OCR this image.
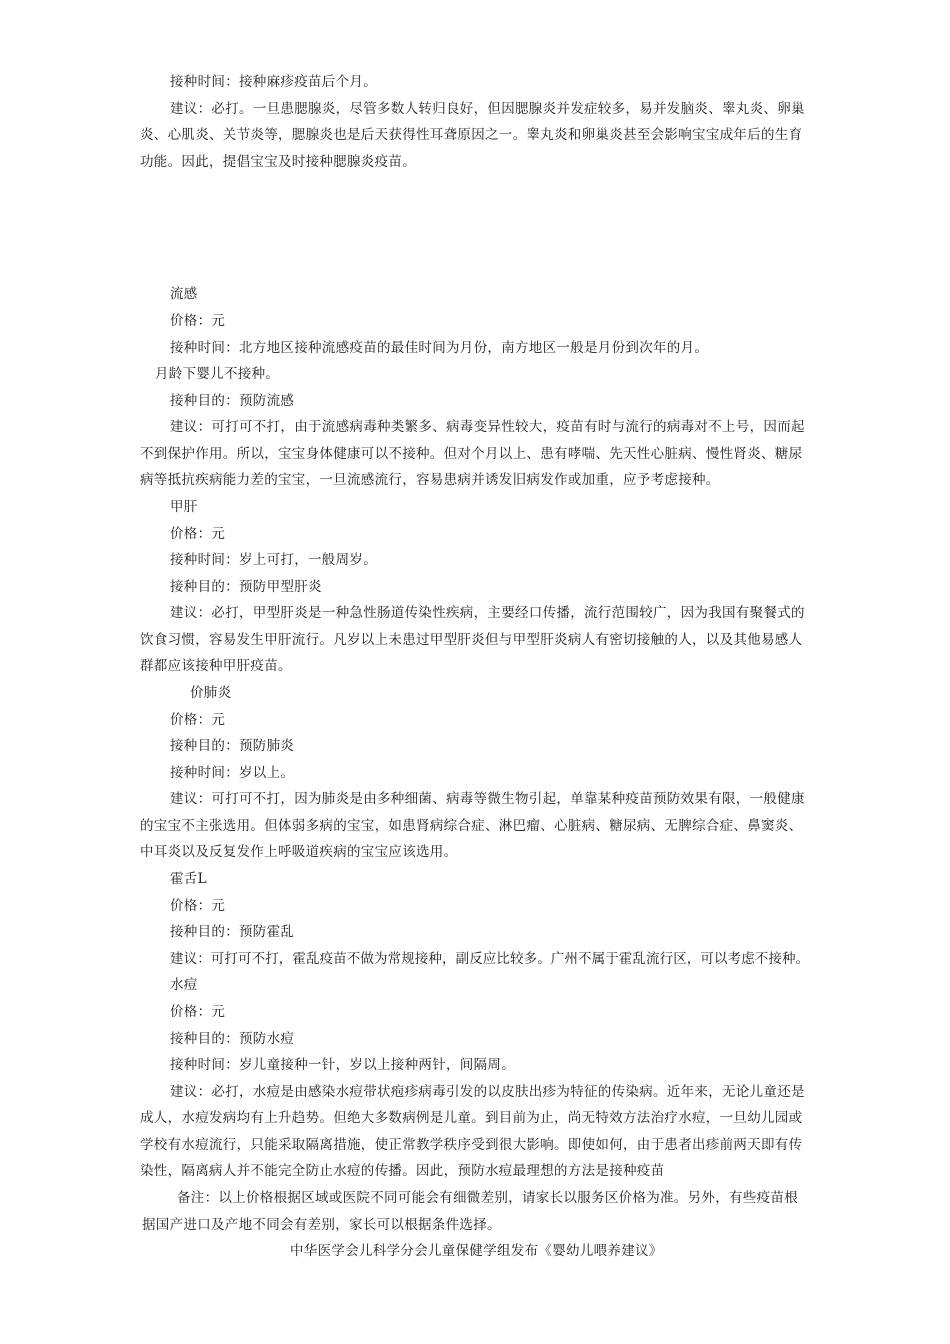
接种时间：接种麻疹疫苗后个月。
建议：必打。一旦患腮腺炎，尽管多数人转归良好，但因腮腺炎并发症较多，易并发脑炎、睾丸炎、卵巢
炎、心肌炎、关节炎等，腮腺炎也是后天获得性耳聋原因之一。睾丸炎和卵巢炎甚至会影响宝宝成年后的生育
功能。因此，提倡宝宝及时接种腮腺炎疫苗。
流感
价格：元
接种时间：北方地区接种流感疫苗的最佳时间为月份，南方地区一般是月份到次年的月。
月龄下婴儿不接种。
接种目的：预防流感
建议：可打可不打，由于流感病毒种类繁多、病毒变异性较大，疫苗有时与流行的病毒对不上号，因而起
不到保护作用。所以，宝宝身体健康可以不接种。但对个月以上、患有哮喘、先天性心脏病、慢性肾炎、糖尿
病等抵抗疾病能力差的宝宝，一旦流感流行，容易患病并诱发旧病发作或加重，应予考虑接种。
甲肝
价格：元
接种时间：岁上可打，一般周岁。
接种目的：预防甲型肝炎
建议：必打，甲型肝炎是一种急性肠道传染性疾病，主要经口传播，流行范围较广，因为我国有聚餐式的
饮食习惯，容易发生甲肝流行。凡岁以上未患过甲型肝炎但与甲型肝炎病人有密切接触的人，以及其他易感人
群都应该接种甲肝疫苗。
价肺炎
价格：元
接种目的：预防肺炎
接种时间：岁以上。
建议：可打可不打，因为肺炎是由多种细菌、病毒等微生物引起，单靠某种疫苗预防效果有限，一般健康
的宝宝不主张选用。但体弱多病的宝宝，如患肾病综合症、淋巴瘤、心脏病、糖尿病、无脾综合症、鼻窦炎、
中耳炎以及反复发作上呼吸道疾病的宝宝应该选用。
霍舌L
价格：元
接种目的：预防霍乱
建议：可打可不打，霍乱疫苗不做为常规接种，副反应比较多。广州不属于霍乱流行区，可以考虑不接种。
水痘
价格：元
接种目的：预防水痘
接种时间：岁儿童接种一针，岁以上接种两针，间隔周。
建议：必打，水痘是由感染水痘带状疱疹病毒引发的以皮肤出疹为特征的传染病。近年来，无论儿童还是
成人，水痘发病均有上升趋势。但绝大多数病例是儿童。到目前为止，尚无特效方法治疗水痘，一旦幼儿园或
学校有水痘流行，只能采取隔离措施，使正常教学秩序受到很大影响。即使如何，由于患者出疹前两天即有传
染性，隔离病人并不能完全防止水痘的传播。因此，预防水痘最理想的方法是接种疫苗
备注：以上价格根据区域或医院不同可能会有细微差别，请家长以服务区价格为准。另外，有些疫苗根
据国产进口及产地不同会有差别，家长可以根据条件选择。
中华医学会儿科学分会儿童保健学组发布《婴幼儿喂养建议》
